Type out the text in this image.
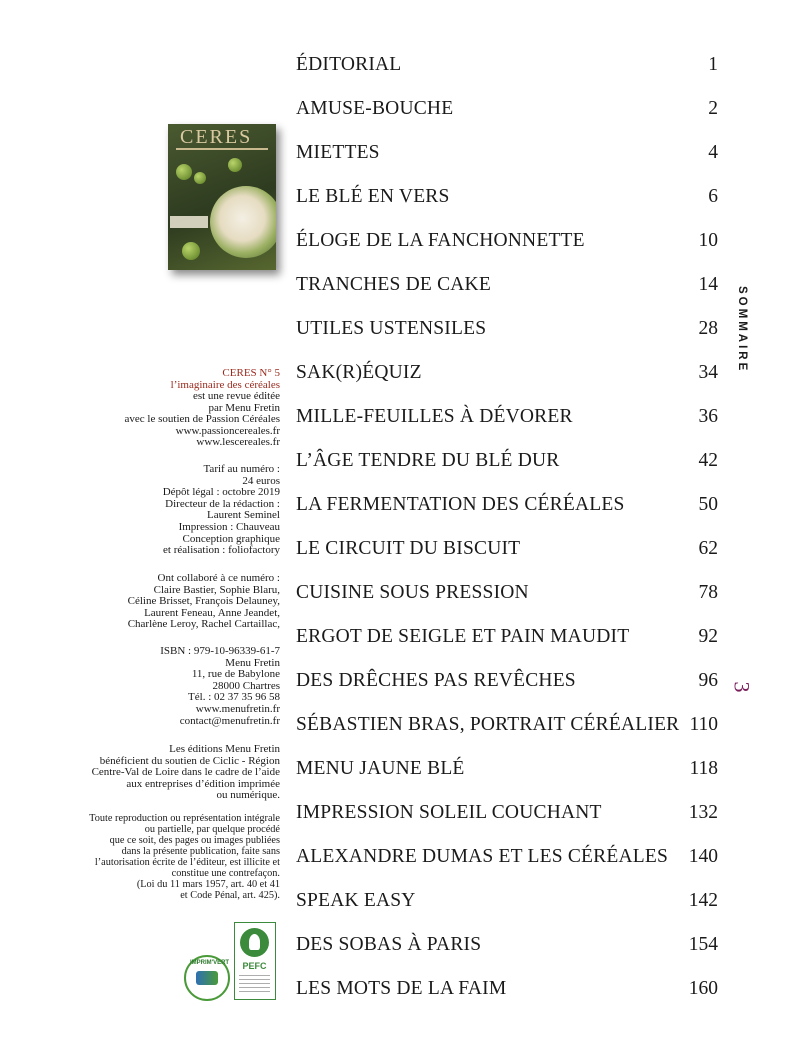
CERES
CERES N° 5
l’imaginaire des céréales
est une revue éditée
par Menu Fretin
avec le soutien de Passion Céréales
www.passioncereales.fr
www.lescereales.fr
Tarif au numéro :
24 euros
Dépôt légal : octobre 2019
Directeur de la rédaction :
Laurent Seminel
Impression : Chauveau
Conception graphique
et réalisation : foliofactory
Ont collaboré à ce numéro :
Claire Bastier, Sophie Blaru,
Céline Brisset, François Delauney,
Laurent Feneau, Anne Jeandet,
Charlène Leroy, Rachel Cartaillac,
ISBN : 979-10-96339-61-7
Menu Fretin
11, rue de Babylone
28000 Chartres
Tél. : 02 37 35 96 58
www.menufretin.fr
contact@menufretin.fr
Les éditions Menu Fretin
bénéficient du soutien de Ciclic - Région
Centre-Val de Loire dans le cadre de l’aide
aux entreprises d’édition imprimée
ou numérique.
Toute reproduction ou représentation intégrale
ou partielle, par quelque procédé
que ce soit, des pages ou images publiées
dans la présente publication, faite sans
l’autorisation écrite de l’éditeur, est illicite et
constitue une contrefaçon.
(Loi du 11 mars 1957, art. 40 et 41
et Code Pénal, art. 425).
IMPRIM'VERT	PEFC
ÉDITORIAL	1
AMUSE-BOUCHE	2
MIETTES	4
LE BLÉ EN VERS	6
ÉLOGE DE LA FANCHONNETTE	10
TRANCHES DE CAKE	14
UTILES USTENSILES	28
SAK(R)ÉQUIZ	34
MILLE-FEUILLES À DÉVORER	36
L’ÂGE TENDRE DU BLÉ DUR	42
LA FERMENTATION DES CÉRÉALES	50
LE CIRCUIT DU BISCUIT	62
CUISINE SOUS PRESSION	78
ERGOT DE SEIGLE ET PAIN MAUDIT	92
DES DRÊCHES PAS REVÊCHES	96
SÉBASTIEN BRAS, PORTRAIT CÉRÉALIER 110
MENU JAUNE BLÉ	118
IMPRESSION SOLEIL COUCHANT	132
ALEXANDRE DUMAS ET LES CÉRÉALES 140
SPEAK EASY	142
DES SOBAS À PARIS	154
LES MOTS DE LA FAIM	160
SOMMAIRE
3
